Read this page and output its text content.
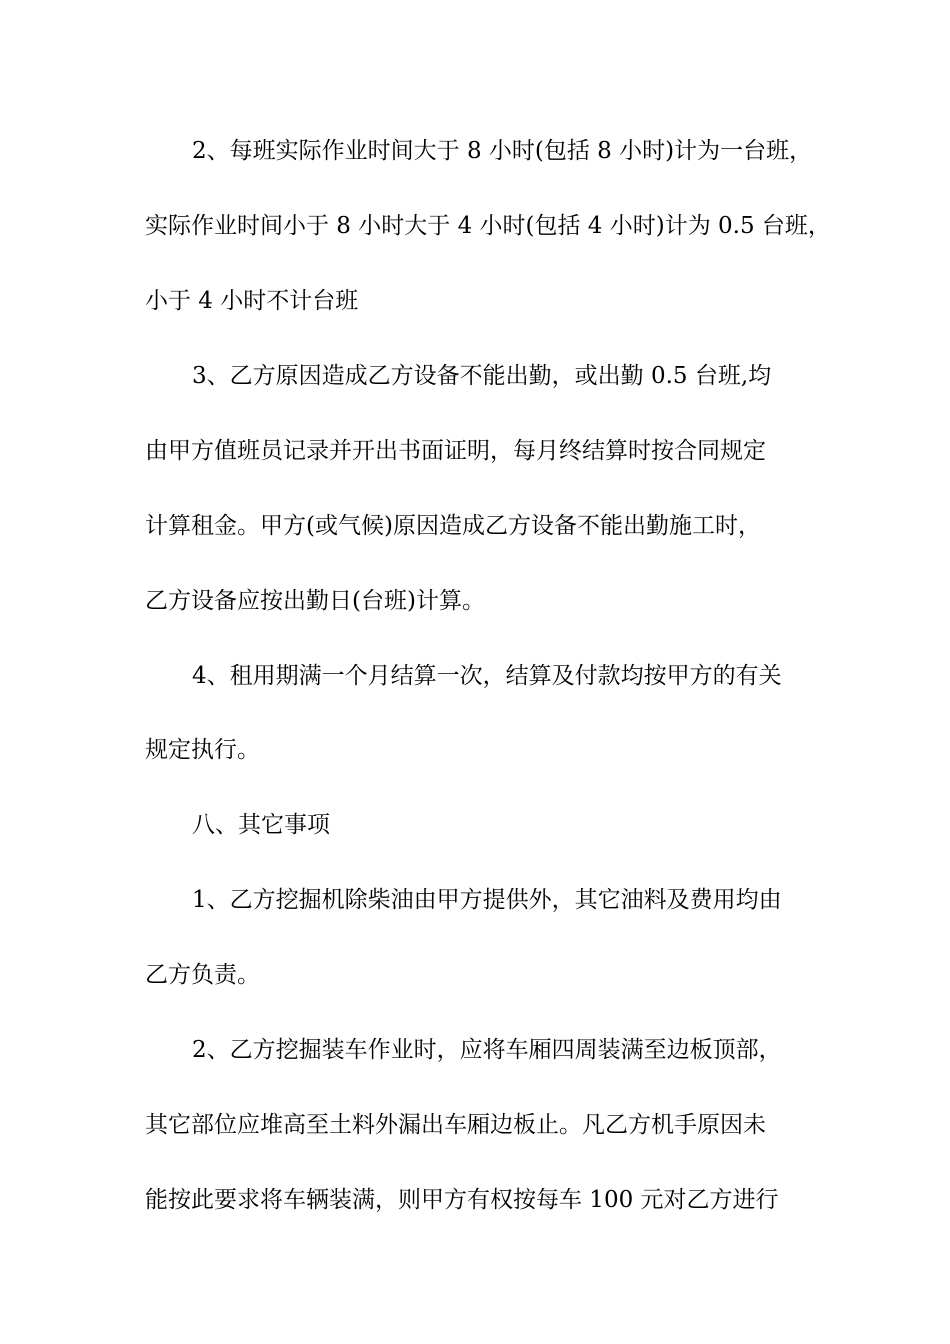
2、每班实际作业时间大于 8 小时(包括 8 小时)计为一台班，
实际作业时间小于 8 小时大于 4 小时(包括 4 小时)计为 0.5 台班，
小于 4 小时不计台班
3、乙方原因造成乙方设备不能出勤，或出勤 0.5 台班,均
由甲方值班员记录并开出书面证明，每月终结算时按合同规定
计算租金。甲方(或气候)原因造成乙方设备不能出勤施工时，
乙方设备应按出勤日(台班)计算。
4、租用期满一个月结算一次，结算及付款均按甲方的有关
规定执行。
八、其它事项
1、乙方挖掘机除柴油由甲方提供外，其它油料及费用均由
乙方负责。
2、乙方挖掘装车作业时，应将车厢四周装满至边板顶部，
其它部位应堆高至土料外漏出车厢边板止。凡乙方机手原因未
能按此要求将车辆装满，则甲方有权按每车 100 元对乙方进行
